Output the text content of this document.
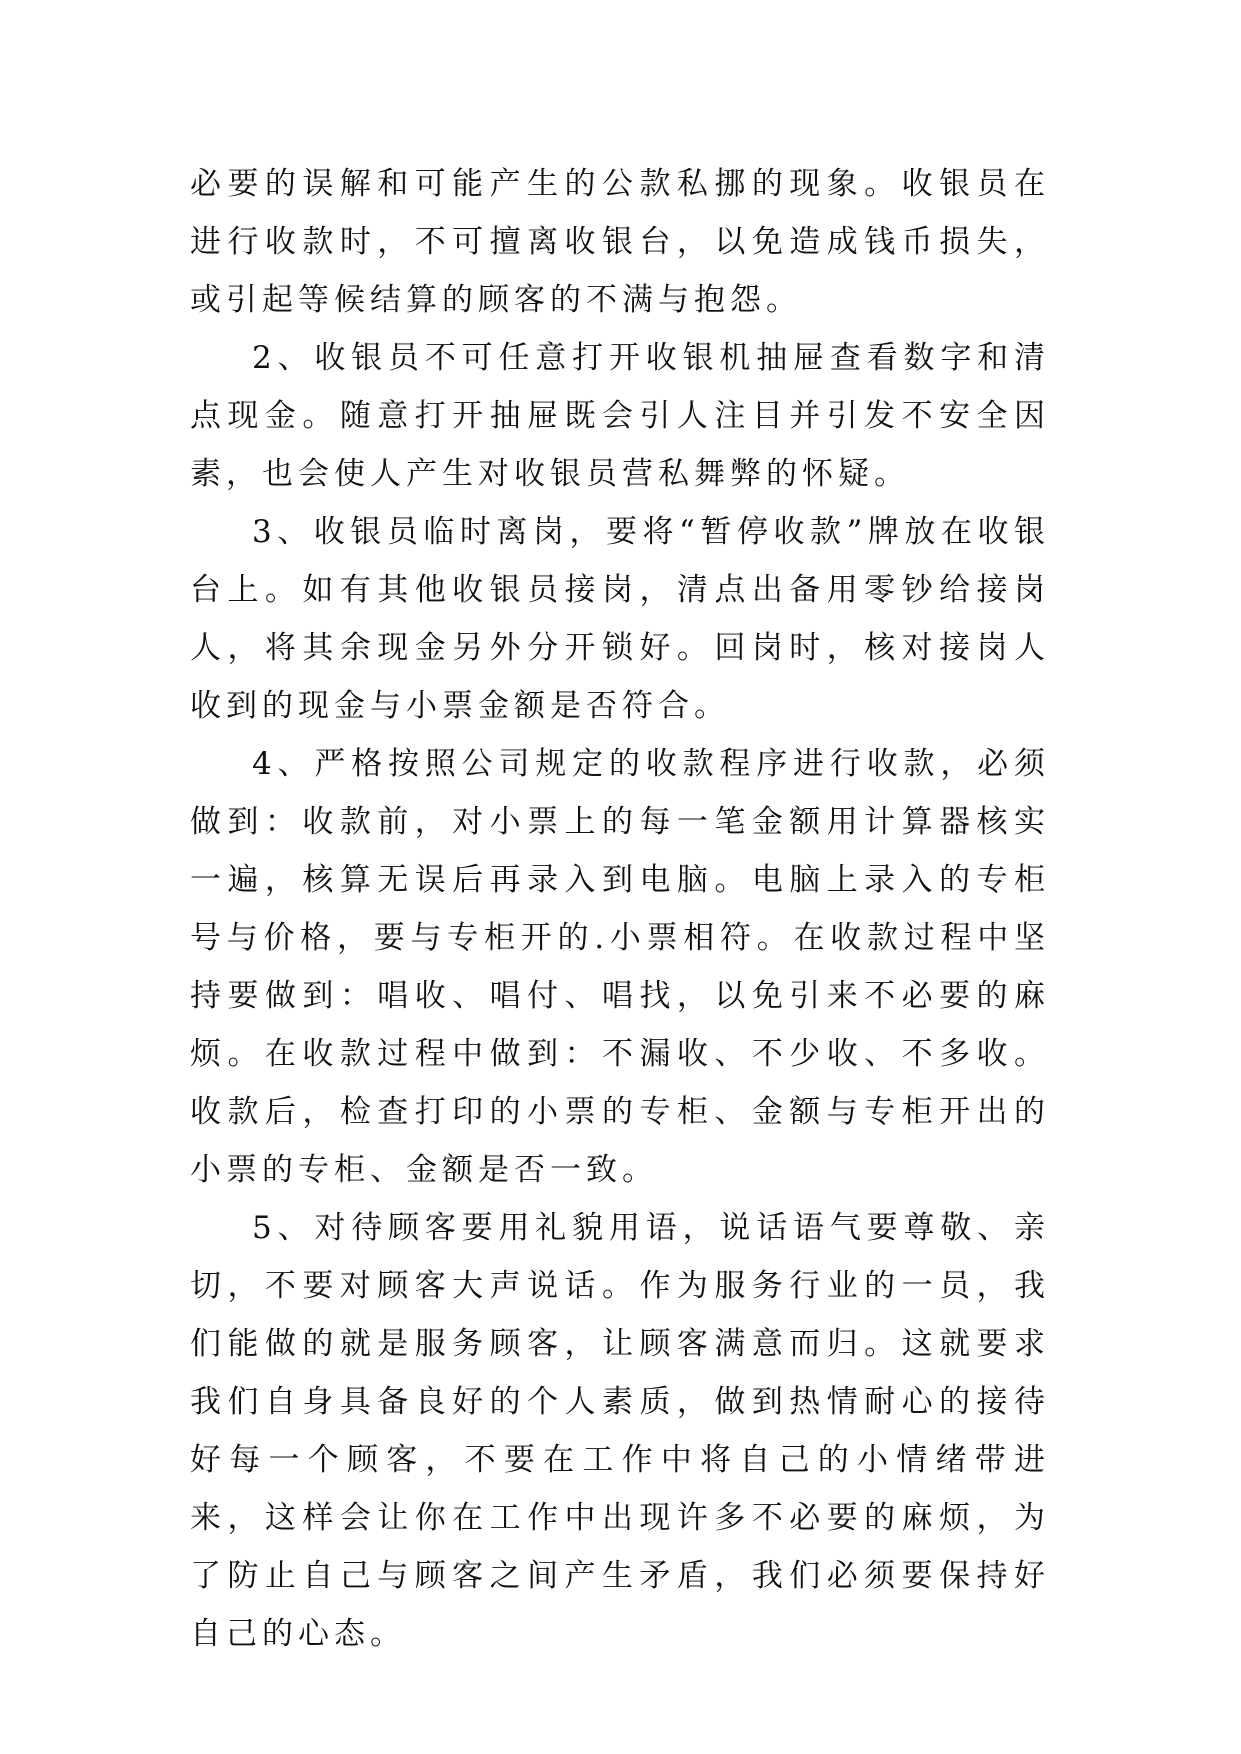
必要的误解和可能产生的公款私挪的现象。收银员在进行收款时，不可擅离收银台，以免造成钱币损失，或引起等候结算的顾客的不满与抱怨。

2、收银员不可任意打开收银机抽屉查看数字和清点现金。随意打开抽屉既会引人注目并引发不安全因素，也会使人产生对收银员营私舞弊的怀疑。

3、收银员临时离岗，要将“暂停收款”牌放在收银台上。如有其他收银员接岗，清点出备用零钞给接岗人，将其余现金另外分开锁好。回岗时，核对接岗人收到的现金与小票金额是否符合。

4、严格按照公司规定的收款程序进行收款，必须做到：收款前，对小票上的每一笔金额用计算器核实一遍，核算无误后再录入到电脑。电脑上录入的专柜号与价格，要与专柜开的.小票相符。在收款过程中坚持要做到：唱收、唱付、唱找，以免引来不必要的麻烦。在收款过程中做到：不漏收、不少收、不多收。收款后，检查打印的小票的专柜、金额与专柜开出的小票的专柜、金额是否一致。

5、对待顾客要用礼貌用语，说话语气要尊敬、亲切，不要对顾客大声说话。作为服务行业的一员，我们能做的就是服务顾客，让顾客满意而归。这就要求我们自身具备良好的个人素质，做到热情耐心的接待好每一个顾客，不要在工作中将自己的小情绪带进来，这样会让你在工作中出现许多不必要的麻烦，为了防止自己与顾客之间产生矛盾，我们必须要保持好自己的心态。
